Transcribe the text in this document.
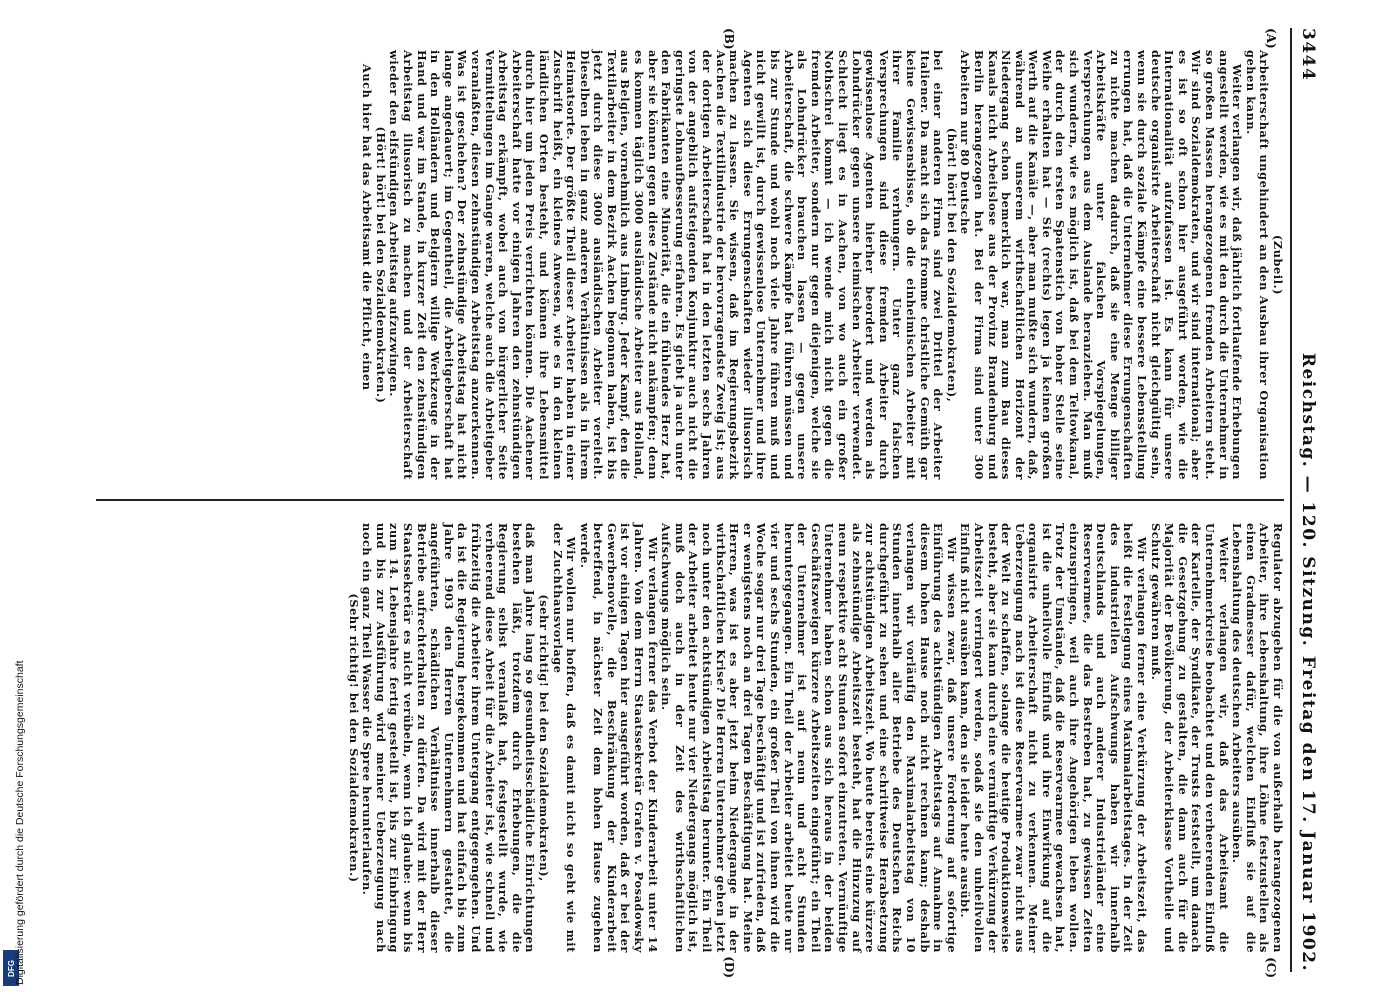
3444
Reichstag. — 120. Sitzung.
Freitag den 17. Januar 1902.
(A)
(B)
(C)
(D)

(Zubeil.)

Arbeiterschaft ungehindert an den Ausbau ihrer Organisation gehen kann.

Weiter verlangen wir, daß jährlich fortlaufende Erhebungen angestellt werden, wie es mit den durch die Unternehmer in so großen Massen herangezogenen fremden Arbeitern steht. Wir sind Sozialdemokraten, und wir sind international; aber es ist so oft schon hier ausgeführt worden, wie die Internationalität aufzufassen ist. Es kann für unsere deutsche organisirte Arbeiterschaft nicht gleichgültig sein, wenn sie durch soziale Kämpfe eine bessere Lebensstellung errungen hat, daß die Unternehmer diese Errungenschaften zu nichte machen dadurch, daß sie eine Menge billiger Arbeitskräfte unter falschen Vorspiegelungen, Versprechungen aus dem Auslande heranziehen. Man muß sich wundern, wie es möglich ist, daß bei dem Teltowkanal, der durch den ersten Spatenstich von hoher Stelle seine Weihe erhalten hat — Sie (rechts) legen ja keinen großen Werth auf die Kanäle —, aber man mußte sich wundern, daß, während an unserem wirthschaftlichen Horizont der Niedergang schon bemerklich war, man zum Bau dieses Kanals nicht Arbeitslose aus der Provinz Brandenburg und Berlin herangezogen hat. Bei der Firma sind unter 300 Arbeitern nur 80 Deutsche

(hört! hört! bei den Sozialdemokraten),

bei einer anderen Firma sind zwei Drittel der Arbeiter Italiener. Da macht sich das fromme christliche Gemüth gar keine Gewissensbisse, ob die einheimischen Arbeiter mit ihrer Familie verhungern. Unter ganz falschen Versprechungen sind diese fremden Arbeiter durch gewissenlose Agenten hierher beordert und werden als Lohndrücker gegen unsere heimischen Arbeiter verwendet. Schlecht liegt es in Aachen, von wo auch ein großer Nothschrei kommt — ich wende mich nicht gegen die fremden Arbeiter, sondern nur gegen diejenigen, welche sie als Lohndrücker brauchen lassen — gegen unsere Arbeiterschaft, die schwere Kämpfe hat führen müssen und bis zur Stunde und wohl noch viele Jahre führen muß und nicht gewillt ist, durch gewissenlose Unternehmer und ihre Agenten sich diese Errungenschaften wieder illusorisch machen zu lassen. Sie wissen, daß im Regierungsbezirk Aachen die Textilindustrie der hervorragendste Zweig ist; aus der dortigen Arbeiterschaft hat in den letzten sechs Jahren von der angeblich aufsteigenden Konjunktur auch nicht die geringste Lohnaufbesserung erfahren. Es giebt ja auch unter den Fabrikanten eine Minorität, die ein fühlendes Herz hat, aber sie können gegen diese Zustände nicht ankämpfen; denn es kommen täglich 3000 ausländische Arbeiter aus Holland, aus Belgien, vornehmlich aus Limburg. Jeder Kampf, den die Textilarbeiter in dem Bezirk Aachen begonnen haben, ist bis jetzt durch diese 3000 ausländischen Arbeiter vereitelt. Dieselben leben in ganz anderen Verhältnissen als in ihrem Heimatsorte. Der größte Theil dieser Arbeiter haben in einer Zuschrift heißt, ein kleines Anwesen, wie es in den kleinen ländlichen Orten besteht, und können ihre Lebensmittel durch hier um jeden Preis verrichten können. Die Aachener Arbeiterschaft hatte vor einigen Jahren den zehnstündigen Arbeitstag erkämpft, wobei auch von bürgerlicher Seite Vermittelungen im Gange waren, welche auch die Arbeitgeber veranlaßten, diesen zehnstündigen Arbeitstag anzuerkennen. Was ist geschehen? Der zehnstündige Arbeitstag hat nicht lange angedauert; im Gegentheil, die Arbeitgeberschaft hat in den Holländern und Belgiern willige Werkzeuge in der Hand und war im Stande, in kurzer Zeit den zehnstündigen Arbeitstag illusorisch zu machen und der Arbeiterschaft wieder den elfstündigen Arbeitstag aufzuzwingen.

(Hört! hört! bei den Sozialdemokraten.)

Auch hier hat das Arbeitsamt die Pflicht, einen

Regulator abzugeben für die von außerhalb herangezogenen Arbeiter, ihre Lebenshaltung, ihre Löhne festzustellen als einen Gradmesser dafür, welchen Einfluß sie auf die Lebenshaltung des deutschen Arbeiters ausüben.

Weiter verlangen wir, daß das Arbeitsamt die Unternehmerkreise beobachtet und den verheerenden Einfluß der Kartelle, der Syndikate, der Trusts feststellt, um danach die Gesetzgebung zu gestalten, die dann auch für die Majorität der Bevölkerung, der Arbeiterklasse Vortheile und Schutz gewähren muß.

Wir verlangen ferner eine Verkürzung der Arbeitszeit, das heißt die Festlegung eines Maximalarbeitstages. In der Zeit des industriellen Aufschwungs haben wir innerhalb Deutschlands und auch anderer Industrieländer eine Reservearmee, die das Bestreben hat, zu gewissen Zeiten einzuspringen, weil auch ihre Angehörigen leben wollen. Trotz der Umstände, daß die Reservearmee gewachsen hat, ist die unheilvolle Einfluß und ihre Einwirkung auf die organisirte Arbeiterschaft nicht zu verkennen. Meiner Ueberzeugung nach ist diese Reservearmee zwar nicht aus der Welt zu schaffen, solange die heutige Produktionsweise besteht, aber sie kann durch eine vernünftige Verkürzung der Arbeitszeit verringert werden, sodaß sie den unheilvollen Einfluß nicht ausüben kann, den sie leider heute ausübt.

Wir wissen zwar, daß unsere Forderung auf sofortige Einführung des achtstündigen Arbeitstags auf Annahme in diesem hohen Hause noch nicht rechnen kann; deshalb verlangen wir vorläufig den Maximalarbeitstag von 10 Stunden innerhalb aller Betriebe des Deutschen Reichs durchgeführt zu sehen und eine schrittweise Herabsetzung zur achtstündigen Arbeitszeit. Wo heute bereits eine kürzere als zehnstündige Arbeitszeit besteht, hat die Hinzuzug auf neun respektive acht Stunden sofort einzutreten. Vernünftige Unternehmer haben schon aus sich heraus in der beiden Geschäftszweigen kürzere Arbeitszeiten eingeführt; ein Theil der Unternehmer ist auf neun und acht Stunden heruntergegangen. Ein Theil der Arbeiter arbeitet heute nur vier und sechs Stunden, ein großer Theil von ihnen wird die Woche sogar nur drei Tage beschäftigt und ist zufrieden, daß er wenigstens noch an drei Tagen Beschäftigung hat. Meine Herren, was ist es aber jetzt beim Niedergange in der wirthschaftlichen Krise? Die Herren Unternehmer gehen jetzt noch unter den achtstündigen Arbeitstag herunter. Ein Theil der Arbeiter arbeitet heute nur vier Niedergangs möglich ist, muß doch auch in der Zeit des wirthschaftlichen Aufschwungs möglich sein.

Wir verlangen ferner das Verbot der Kinderarbeit unter 14 Jahren. Von dem Herrn Staatssekretär Grafen v. Posadowsky ist vor einigen Tagen hier ausgeführt worden, daß er bei der Gewerbenovelle, die Beschränkung der Kinderarbeit betreffend, in nächster Zeit dem hohen Hause zugehen werde.

Wir wollen nur hoffen, daß es damit nicht so geht wie mit der Zuchthausvorlage

(sehr richtig! bei den Sozialdemokraten),

daß man Jahre lang so gesundheitsschädliche Einrichtungen bestehen läßt, trotzdem durch Erhebungen, die die Regierung selbst veranlaßt hat, festgestellt wurde, wie verheerend diese Arbeit für die Arbeiter ist, wie schnell und frühzeitig die Arbeiter ihrem Untergang entgegengehen. Und da ist die Regierung hergekommen und hat einfach bis zum Jahre 1903 den Herren Unternehmern gestattet, die angeführten, schädlichen Verhältnisse innerhalb dieser Betriebe aufrechterhalten zu dürfen. Da wird mit der Herr Staatssekretär es nicht verübeln, wenn ich glaube: wenn bis zum 14. Lebensjahre fertig gestellt ist, bis zur Einbringung und bis zur Ausführung wird meiner Ueberzeugung nach noch ein ganz Theil Wasser die Spree herunterlaufen.

(Sehr richtig! bei den Sozialdemokraten.)

DFG
Digitalisierung gefördert durch die Deutsche Forschungsgemeinschaft
